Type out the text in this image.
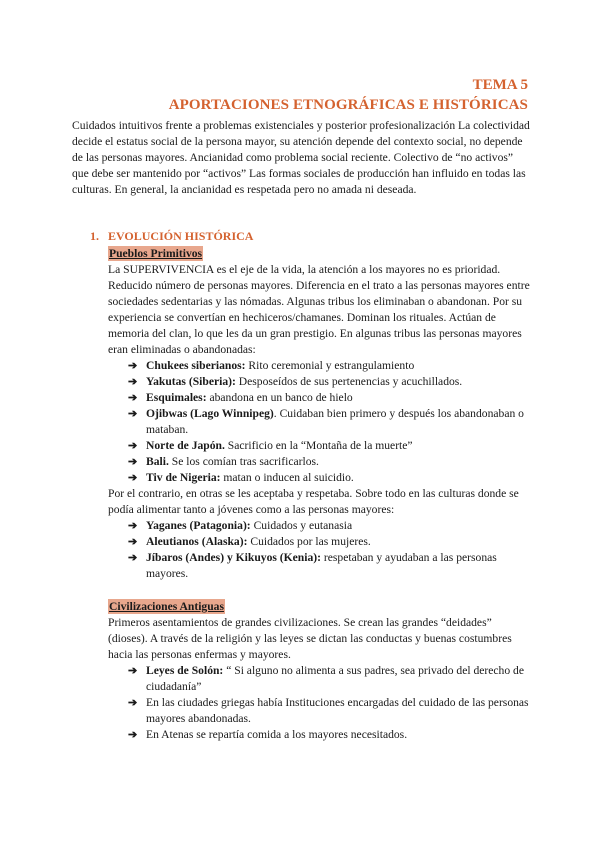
TEMA 5
APORTACIONES ETNOGRÁFICAS E HISTÓRICAS

Cuidados intuitivos frente a problemas existenciales y posterior profesionalización La colectividad decide el estatus social de la persona mayor, su atención depende del contexto social, no depende de las personas mayores. Ancianidad como problema social reciente. Colectivo de “no activos” que debe ser mantenido por “activos” Las formas sociales de producción han influido en todas las culturas. En general, la ancianidad es respetada pero no amada ni deseada.

1. EVOLUCIÓN HISTÓRICA
Pueblos Primitivos

La SUPERVIVENCIA es el eje de la vida, la atención a los mayores no es prioridad. Reducido número de personas mayores. Diferencia en el trato a las personas mayores entre sociedades sedentarias y las nómadas. Algunas tribus los eliminaban o abandonan. Por su experiencia se convertían en hechiceros/chamanes. Dominan los rituales. Actúan de memoria del clan, lo que les da un gran prestigio. En algunas tribus las personas mayores eran eliminadas o abandonadas:

➔ Chukees siberianos: Rito ceremonial y estrangulamiento
➔ Yakutas (Siberia): Desposeídos de sus pertenencias y acuchillados.
➔ Esquimales: abandona en un banco de hielo
➔ Ojibwas (Lago Winnipeg). Cuidaban bien primero y después los abandonaban o mataban.
➔ Norte de Japón. Sacrificio en la “Montaña de la muerte”
➔ Bali. Se los comían tras sacrificarlos.
➔ Tiv de Nigeria: matan o inducen al suicidio.

Por el contrario, en otras se les aceptaba y respetaba. Sobre todo en las culturas donde se podía alimentar tanto a jóvenes como a las personas mayores:

➔ Yaganes (Patagonia): Cuidados y eutanasia
➔ Aleutianos (Alaska): Cuidados por las mujeres.
➔ Jíbaros (Andes) y Kikuyos (Kenia): respetaban y ayudaban a las personas mayores.
Civilizaciones Antiguas

Primeros asentamientos de grandes civilizaciones. Se crean las grandes “deidades” (dioses). A través de la religión y las leyes se dictan las conductas y buenas costumbres hacia las personas enfermas y mayores.

➔ Leyes de Solón: “ Si alguno no alimenta a sus padres, sea privado del derecho de ciudadanía”
➔ En las ciudades griegas había Instituciones encargadas del cuidado de las personas mayores abandonadas.
➔ En Atenas se repartía comida a los mayores necesitados.
